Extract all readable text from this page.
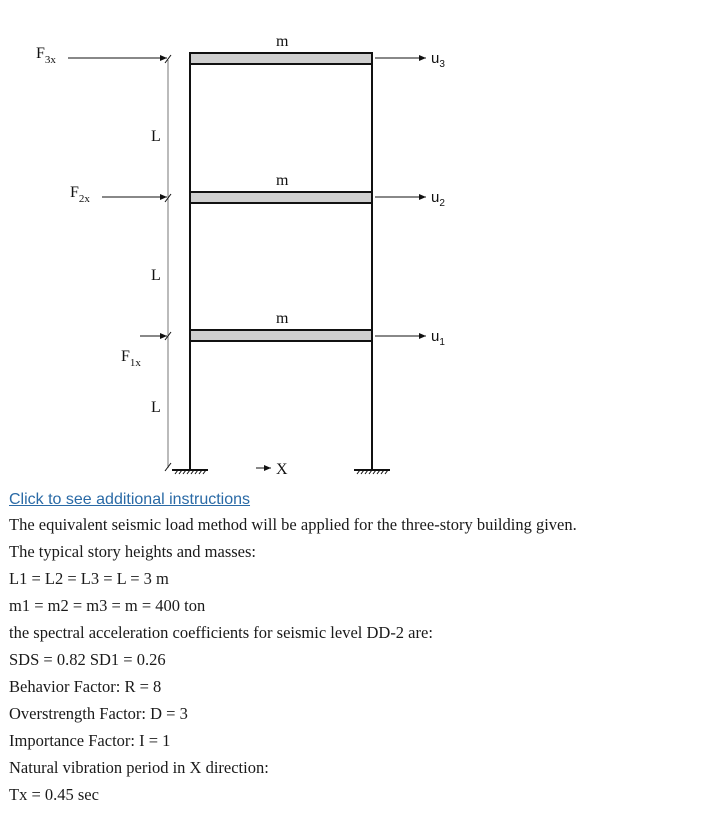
L
L
L
m
m
m
$F_{3x}$
$F_{2x}$
$F_{1x}$
$u_3$
$u_2$
$u_1$
X
Click to see additional instructions
The equivalent seismic load method will be applied for the three-story building given.
The typical story heights and masses:
L1 = L2 = L3 = L = 3 m
m1 = m2 = m3 = m = 400 ton
the spectral acceleration coefficients for seismic level DD-2 are:
SDS = 0.82 SD1 = 0.26
Behavior Factor: R = 8
Overstrength Factor: D = 3
Importance Factor: I = 1
Natural vibration period in X direction:
Tx = 0.45 sec
